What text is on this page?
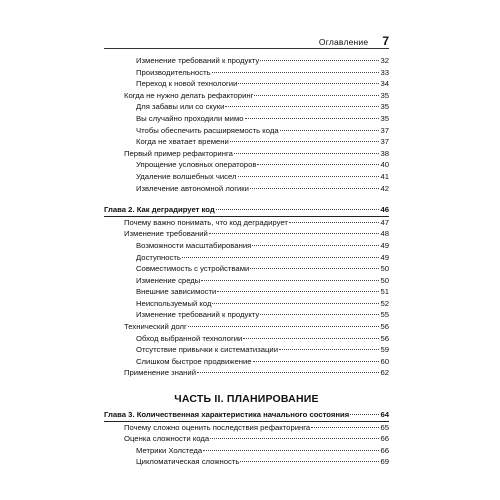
Оглавление 7
Изменение требований к продукту	32
Производительность	33
Переход к новой технологии	34
Когда не нужно делать рефакторинг	35
Для забавы или со скуки	35
Вы случайно проходили мимо	35
Чтобы обеспечить расширяемость кода	37
Когда не хватает времени	37
Первый пример рефакторинга	38
Упрощение условных операторов	40
Удаление волшебных чисел	41
Извлечение автономной логики	42
Глава 2. Как деградирует код	46
Почему важно понимать, что код деградирует	47
Изменение требований	48
Возможности масштабирования	49
Доступность	49
Совместимость с устройствами	50
Изменение среды	50
Внешние зависимости	51
Неиспользуемый код	52
Изменение требований к продукту	55
Технический долг	56
Обход выбранной технологии	56
Отсутствие привычки к систематизации	59
Слишком быстрое продвижение	60
Применение знаний	62
ЧАСТЬ II. ПЛАНИРОВАНИЕ
Глава 3. Количественная характеристика начального состояния	64
Почему сложно оценить последствия рефакторинга	65
Оценка сложности кода	66
Метрики Холстеда	66
Цикломатическая сложность	69
